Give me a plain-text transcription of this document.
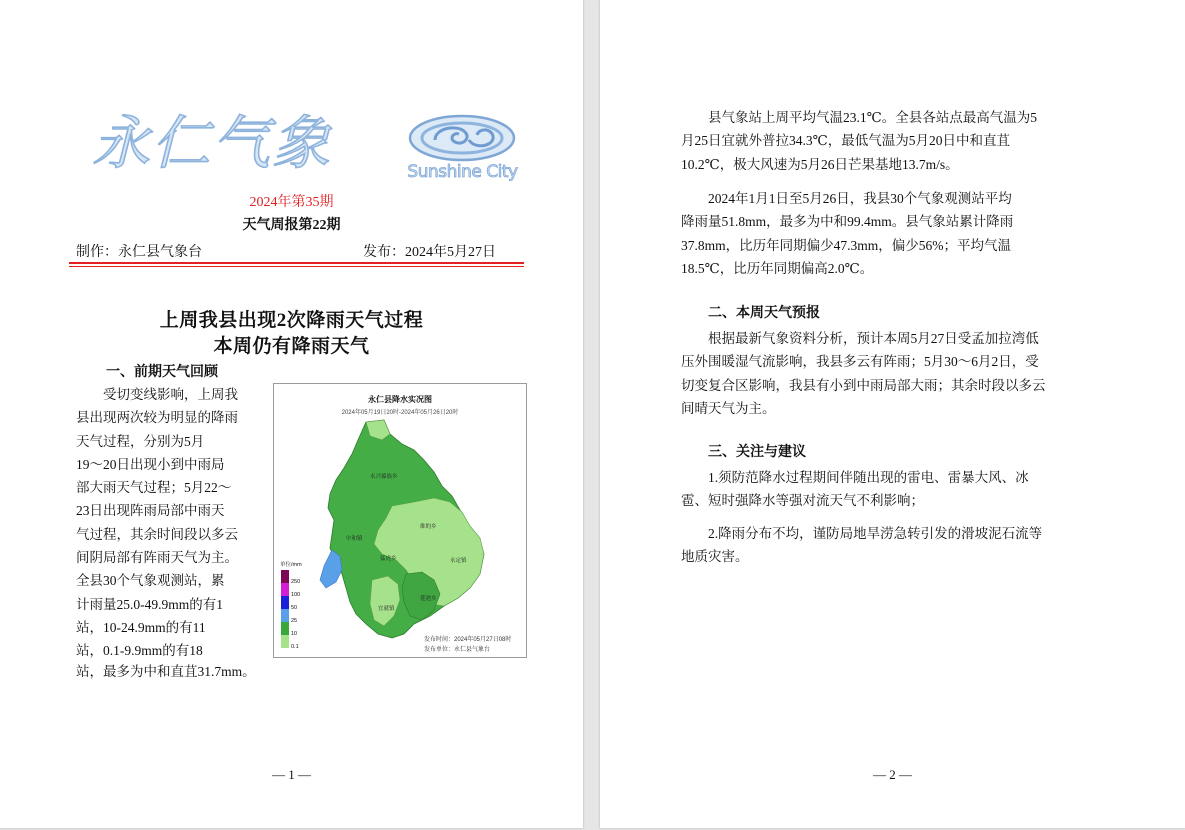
永仁气象	Sunshine City
2024年第35期
天气周报第22期
制作：永仁县气象台	发布：2024年5月27日
上周我县出现2次降雨天气过程
本周仍有降雨天气
一、前期天气回顾
　　受切变线影响，上周我
县出现两次较为明显的降雨
天气过程，分别为5月
19～20日出现小到中雨局
部大雨天气过程；5月22～
23日出现阵雨局部中雨天
气过程，其余时间段以多云
间阴局部有阵雨天气为主。
全县30个气象观测站，累
计雨量25.0-49.9mm的有1
站，10-24.9mm的有11
站，0.1-9.9mm的有18
站，最多为中和直苴31.7mm。
永仁县降水实况图
2024年05月19日20时-2024年05月26日20时
永兴傣族乡
中和镇
维的乡
猛虎乡	永定镇
莲池乡
宜就镇
单位/mm
250
100
50
25
10
0.1
发布时间：2024年05月27日08时
发布单位：永仁县气象台
— 1 —
县气象站上周平均气温23.1℃。全县各站点最高气温为5
月25日宜就外普拉34.3℃，最低气温为5月20日中和直苴
10.2℃，极大风速为5月26日芒果基地13.7m/s。
2024年1月1日至5月26日，我县30个气象观测站平均
降雨量51.8mm，最多为中和99.4mm。县气象站累计降雨
37.8mm，比历年同期偏少47.3mm，偏少56%；平均气温
18.5℃，比历年同期偏高2.0℃。
二、本周天气预报
根据最新气象资料分析，预计本周5月27日受孟加拉湾低
压外围暖湿气流影响，我县多云有阵雨；5月30～6月2日，受
切变复合区影响，我县有小到中雨局部大雨；其余时段以多云
间晴天气为主。
三、关注与建议
1.须防范降水过程期间伴随出现的雷电、雷暴大风、冰
雹、短时强降水等强对流天气不利影响；
2.降雨分布不均，谨防局地旱涝急转引发的滑坡泥石流等
地质灾害。
— 2 —
